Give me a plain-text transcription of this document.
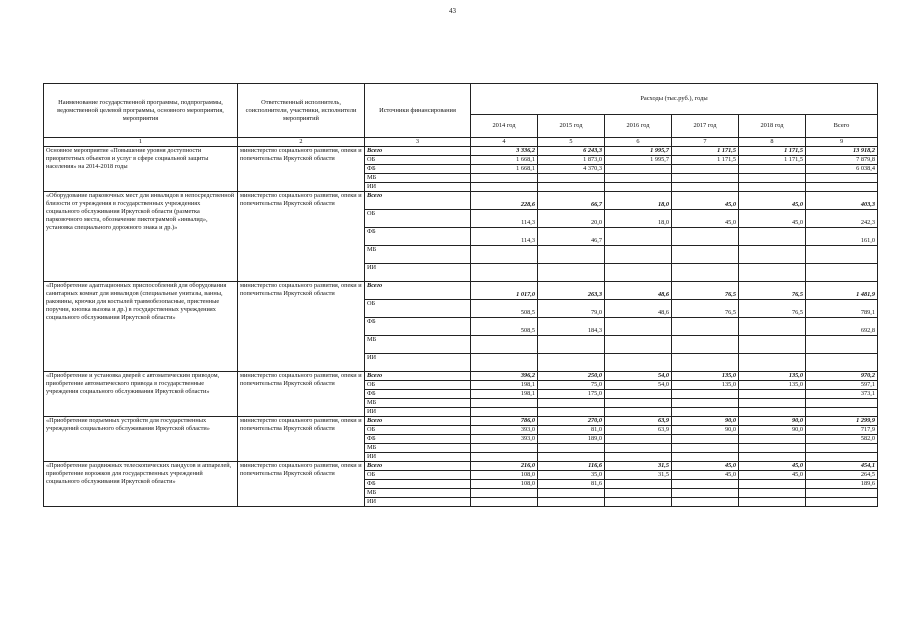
43
Наименование государственной программы, подпрограммы, ведомственной целевой программы, основного мероприятия, мероприятия	Ответственный исполнитель, соисполнители, участники, исполнители мероприятий	Источники финансирования	Расходы (тыс.руб.), годы					
			2014 год	2015 год	2016 год	2017 год	2018 год	Всего
1	2	3	4	5	6	7	8	9
Основное мероприятие «Повышение уровня доступности приоритетных объектов и услуг в сфере социальной защиты населения» на 2014-2018 годы	министерство социального развития, опеки и попечительства Иркутской области	Всего	3 336,2	6 243,3	1 995,7	1 171,5	1 171,5	13 918,2
		ОБ	1 668,1	1 873,0	1 995,7	1 171,5	1 171,5	7 879,8
		ФБ	1 668,1	4 370,3				6 038,4
		МБ						
		ИИ						
«Оборудование парковочных мест для инвалидов в непосредственной близости от учреждения в государственных учреждениях социального обслуживания Иркутской области (разметка парковочного места, обозначение пиктограммой «инвалид», установка специального дорожного знака и др.)»	министерство социального развития, опеки и попечительства Иркутской области	Всего	228,6	66,7	18,0	45,0	45,0	403,3
		ОБ	114,3	20,0	18,0	45,0	45,0	242,3
		ФБ	114,3	46,7				161,0
		МБ						
		ИИ						
«Приобретение адаптационных приспособлений для оборудования санитарных комнат для инвалидов (специальные унитазы, ванны, раковины, крючки для костылей травмобезопасные, пристенные поручни, кнопка вызова и др.) в государственных учреждениях социального обслуживания Иркутской области»	министерство социального развития, опеки и попечительства Иркутской области	Всего	1 017,0	263,3	48,6	76,5	76,5	1 481,9
		ОБ	508,5	79,0	48,6	76,5	76,5	789,1
		ФБ	508,5	184,3				692,8
		МБ						
		ИИ						
«Приобретение и установка дверей с автоматическим приводом, приобретение автоматического привода в государственные учреждения социального обслуживания Иркутской области»	министерство социального развития, опеки и попечительства Иркутской области	Всего	396,2	250,0	54,0	135,0	135,0	970,2
		ОБ	198,1	75,0	54,0	135,0	135,0	597,1
		ФБ	198,1	175,0				373,1
		МБ						
		ИИ						
«Приобретение подъемных устройств для государственных учреждений социального обслуживания Иркутской области»	министерство социального развития, опеки и попечительства Иркутской области	Всего	786,0	270,0	63,9	90,0	90,0	1 299,9
		ОБ	393,0	81,0	63,9	90,0	90,0	717,9
		ФБ	393,0	189,0				582,0
		МБ						
		ИИ						
«Приобретение раздвижных телескопических пандусов и аппарелей, приобретение ворожков для государственных учреждений социального обслуживания Иркутской области»	министерство социального развития, опеки и попечительства Иркутской области	Всего	216,0	116,6	31,5	45,0	45,0	454,1
		ОБ	108,0	35,0	31,5	45,0	45,0	264,5
		ФБ	108,0	81,6				189,6
		МБ						
		ИИ						
